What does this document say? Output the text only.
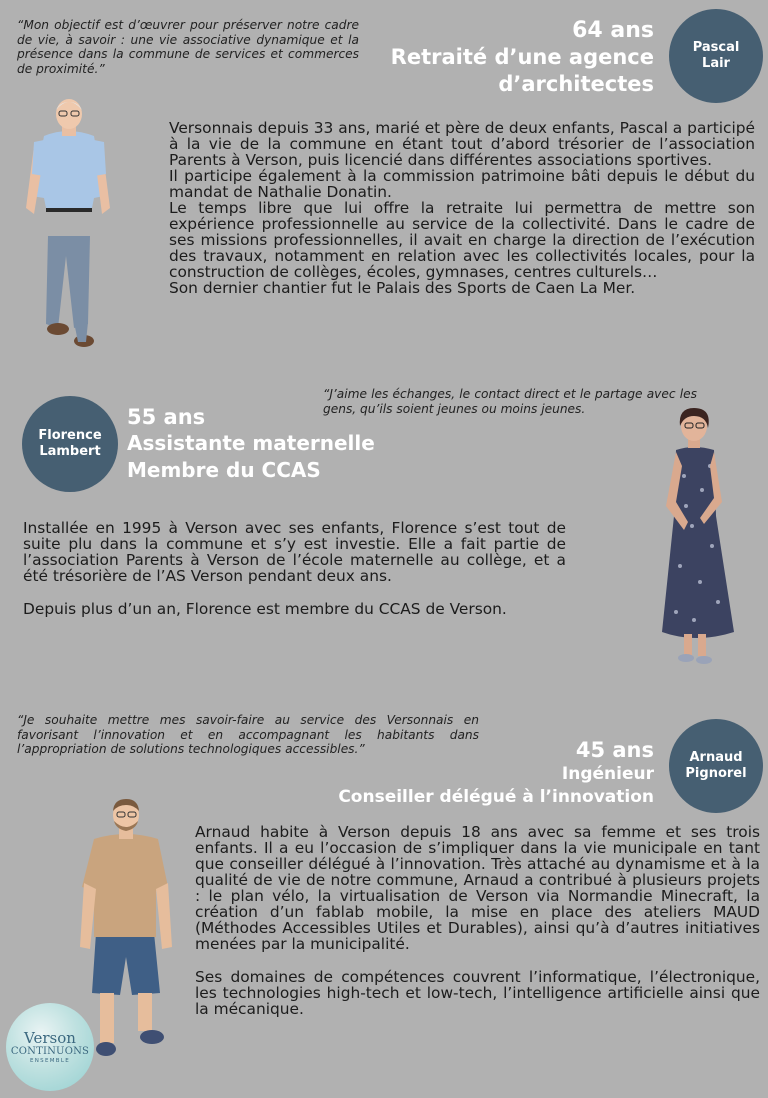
“Mon objectif est d’œuvrer pour préserver notre cadre de vie, à savoir : une vie associative dynamique et la présence dans la commune de services et commerces de proximité.”
64 ans
Retraité d’une agence
d’architectes
Pascal
Lair

Versonnais depuis 33 ans, marié et père de deux enfants, Pascal a participé à la vie de la commune en étant tout d’abord trésorier de l’association Parents à Verson, puis licencié dans différentes associations sportives.

Il participe également à la commission patrimoine bâti depuis le début du mandat de Nathalie Donatin.

Le temps libre que lui offre la retraite lui permettra de mettre son expérience professionnelle au service de la collectivité. Dans le cadre de ses missions professionnelles, il avait en charge la direction de l’exécution des travaux, notamment en relation avec les collectivités locales, pour la construction de collèges, écoles, gymnases, centres culturels…

Son dernier chantier fut le Palais des Sports de Caen La Mer.

“J’aime les échanges, le contact direct et le partage avec les gens, qu’ils soient jeunes ou moins jeunes.
Florence
Lambert
55 ans
Assistante maternelle
Membre du CCAS

Installée en 1995 à Verson avec ses enfants, Florence s’est tout de suite plu dans la commune et s’y est investie. Elle a fait partie de l’association Parents à Verson de l’école maternelle au collège, et a été trésorière de l’AS Verson pendant deux ans.

Depuis plus d’un an, Florence est membre du CCAS de Verson.

“Je souhaite mettre mes savoir-faire au service des Versonnais en favorisant l’innovation et en accompagnant les habitants dans l’appropriation de solutions technologiques accessibles.”	45 ans
Ingénieur
Conseiller délégué à l’innovation
Arnaud
Pignorel

Arnaud habite à Verson depuis 18 ans avec sa femme et ses trois enfants. Il a eu l’occasion de s’impliquer dans la vie municipale en tant que conseiller délégué à l’innovation. Très attaché au dynamisme et à la qualité de vie de notre commune, Arnaud a contribué à plusieurs projets : le plan vélo, la virtualisation de Verson via Normandie Minecraft, la création d’un fablab mobile, la mise en place des ateliers MAUD (Méthodes Accessibles Utiles et Durables), ainsi qu’à d’autres initiatives menées par la municipalité.

Ses domaines de compétences couvrent l’informatique, l’électronique, les technologies high-tech et low-tech, l’intelligence artificielle ainsi que la mécanique.

Verson
CONTINUONS
ENSEMBLE
